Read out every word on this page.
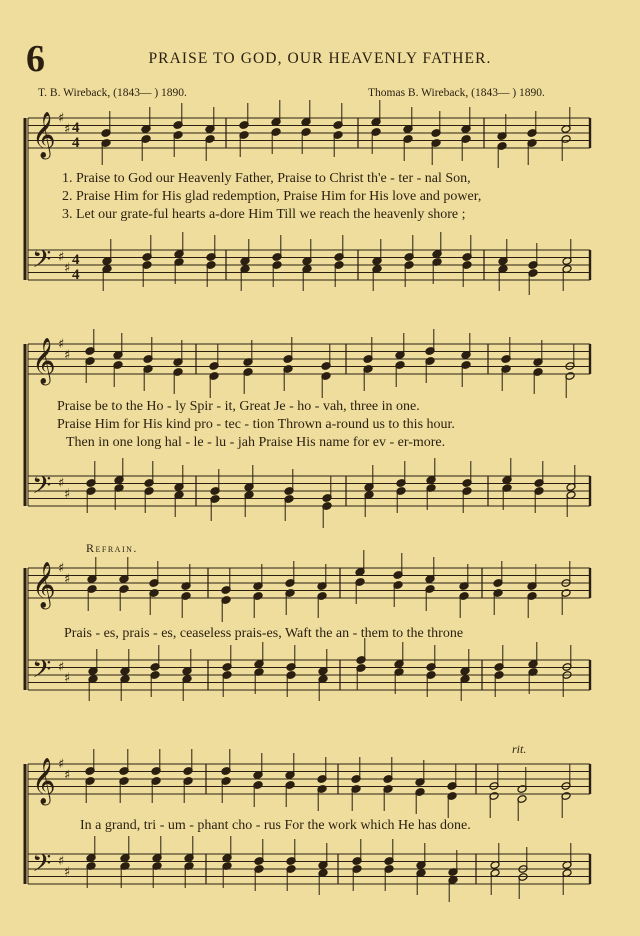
6	PRAISE TO GOD, OUR HEAVENLY FATHER.
T. B. Wireback, (1843— ) 1890.	Thomas B. Wireback, (1843— ) 1890.
𝄞
𝄢
♯
♯
♯
♯
4
4
4
4
1. Praise to God our Heavenly Father, Praise to Christ th'e - ter - nal Son,
2. Praise Him for His glad redemption, Praise Him for His love and power,
3. Let our grate-ful hearts a-dore Him Till we reach the heavenly shore ;
𝄞
𝄢
♯
♯
♯
♯
Praise be to the Ho - ly Spir - it, Great Je - ho - vah, three in one.
Praise Him for His kind pro - tec - tion Thrown a-round us to this hour.
Then in one long hal - le - lu - jah Praise His name for ev - er-more.
Refrain.
𝄞
𝄢
♯
♯
♯
♯
Prais - es, prais - es, ceaseless prais-es, Waft the an - them to the throne
rit.
𝄞
𝄢
♯
♯
♯
♯
In a grand, tri - um - phant cho - rus For the work which He has done.
